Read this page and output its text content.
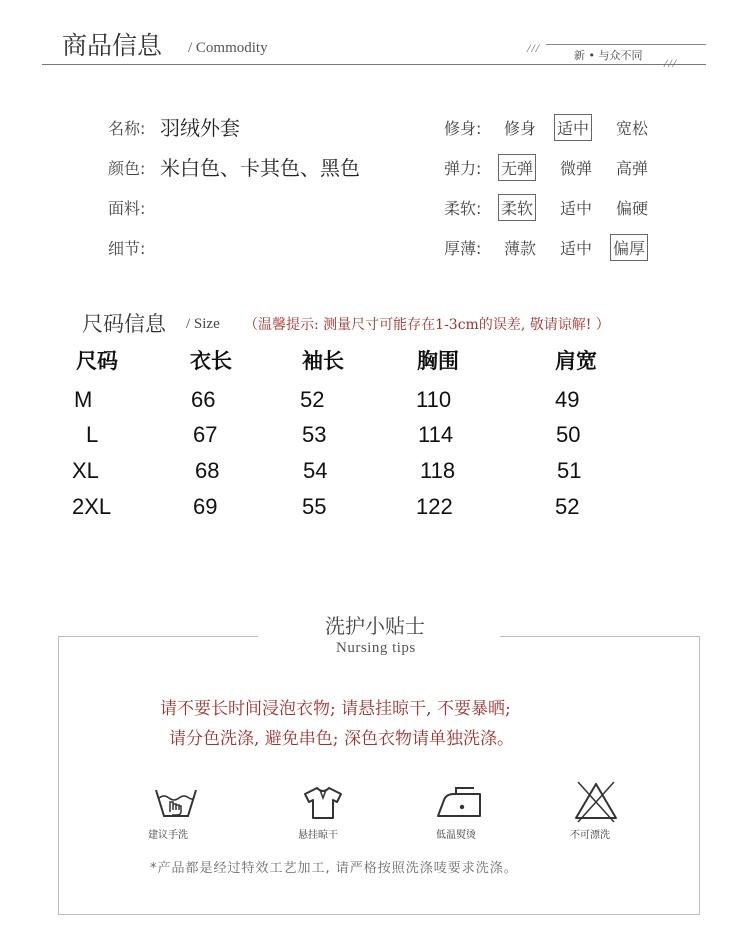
商品信息 / Commodity	///
新 • 与众不同
///
名称: 羽绒外套
颜色: 米白色、卡其色、黑色
面料:
细节:
修身: 修身 适中 宽松
弹力: 无弹 微弹 高弹
柔软: 柔软 适中 偏硬
厚薄: 薄款 适中 偏厚
尺码信息 / Size （温馨提示: 测量尺寸可能存在1-3cm的误差, 敬请谅解! ）
尺码	衣长	袖长	胸围	肩宽
M	66	52	110	49
L	67	53	114	50
XL	68	54	118	51
2XL	69	55	122	52
洗护小贴士
Nursing tips
请不要长时间浸泡衣物; 请悬挂晾干, 不要暴晒;
请分色洗涤, 避免串色; 深色衣物请单独洗涤。
建议手洗	悬挂晾干	低温熨烫	不可漂洗
*产品都是经过特效工艺加工, 请严格按照洗涤唛要求洗涤。
